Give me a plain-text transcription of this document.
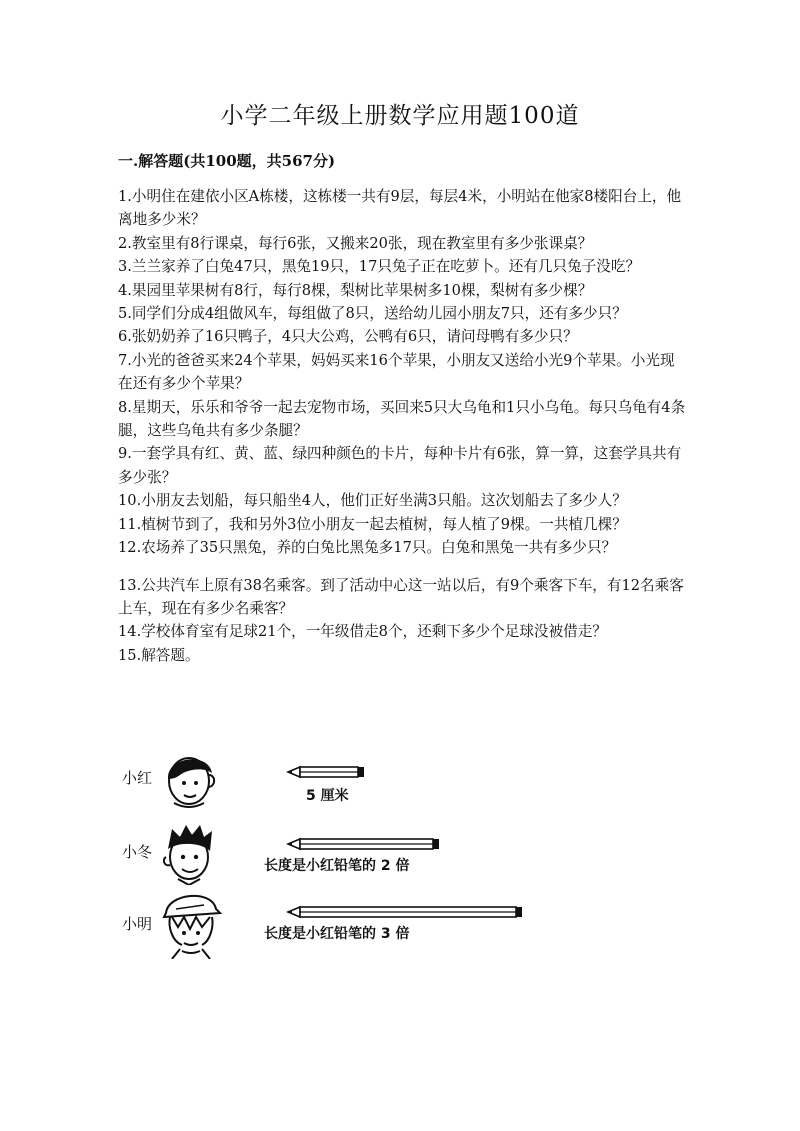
小学二年级上册数学应用题100道
一.解答题(共100题，共567分)

1.小明住在建依小区A栋楼，这栋楼一共有9层，每层4米，小明站在他家8楼阳台上，他离地多少米？

2.教室里有8行课桌，每行6张，又搬来20张，现在教室里有多少张课桌？

3.兰兰家养了白兔47只，黑兔19只，17只兔子正在吃萝卜。还有几只兔子没吃？

4.果园里苹果树有8行，每行8棵，梨树比苹果树多10棵，梨树有多少棵？

5.同学们分成4组做风车，每组做了8只，送给幼儿园小朋友7只，还有多少只？

6.张奶奶养了16只鸭子，4只大公鸡，公鸭有6只，请问母鸭有多少只？

7.小光的爸爸买来24个苹果，妈妈买来16个苹果，小朋友又送给小光9个苹果。小光现在还有多少个苹果？

8.星期天，乐乐和爷爷一起去宠物市场，买回来5只大乌龟和1只小乌龟。每只乌龟有4条腿，这些乌龟共有多少条腿？

9.一套学具有红、黄、蓝、绿四种颜色的卡片，每种卡片有6张，算一算，这套学具共有多少张？

10.小朋友去划船，每只船坐4人，他们正好坐满3只船。这次划船去了多少人？

11.植树节到了，我和另外3位小朋友一起去植树，每人植了9棵。一共植几棵？

12.农场养了35只黑兔，养的白兔比黑兔多17只。白兔和黑兔一共有多少只？

13.公共汽车上原有38名乘客。到了活动中心这一站以后，有9个乘客下车，有12名乘客上车，现在有多少名乘客？

14.学校体育室有足球21个，一年级借走8个，还剩下多少个足球没被借走？

15.解答题。

小红
5 厘米
小冬
长度是小红铅笔的 2 倍
小明
长度是小红铅笔的 3 倍
